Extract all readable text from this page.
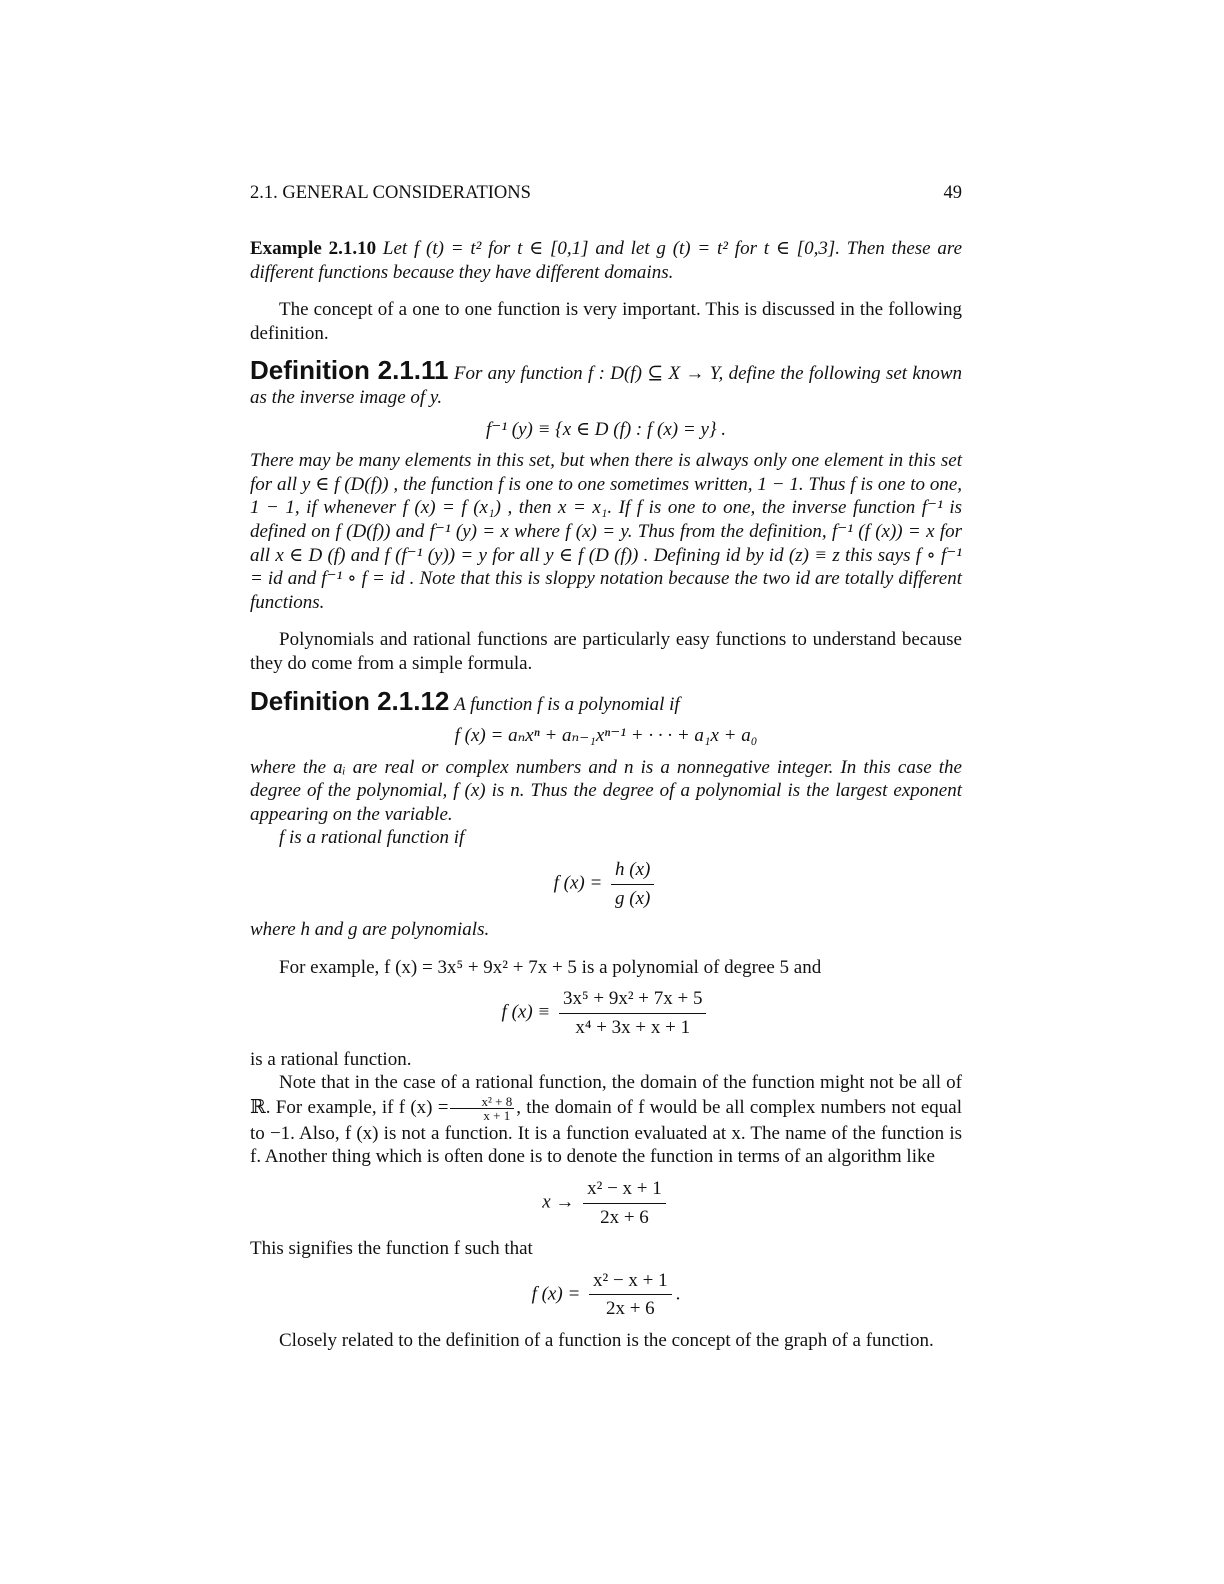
2.1. GENERAL CONSIDERATIONS	49

Example 2.1.10 Let f (t) = t² for t ∈ [0,1] and let g (t) = t² for t ∈ [0,3]. Then these are different functions because they have different domains.

The concept of a one to one function is very important. This is discussed in the following definition.

Definition 2.1.11 For any function f : D(f) ⊆ X → Y, define the following set known as the inverse image of y.

f⁻¹ (y) ≡ {x ∈ D (f) : f (x) = y} .

There may be many elements in this set, but when there is always only one element in this set for all y ∈ f (D(f)) , the function f is one to one sometimes written, 1 − 1. Thus f is one to one, 1 − 1, if whenever f (x) = f (x₁) , then x = x₁. If f is one to one, the inverse function f⁻¹ is defined on f (D(f)) and f⁻¹ (y) = x where f (x) = y. Thus from the definition, f⁻¹ (f (x)) = x for all x ∈ D (f) and f (f⁻¹ (y)) = y for all y ∈ f (D (f)) . Defining id by id (z) ≡ z this says f ∘ f⁻¹ = id and f⁻¹ ∘ f = id . Note that this is sloppy notation because the two id are totally different functions.

Polynomials and rational functions are particularly easy functions to understand because they do come from a simple formula.

Definition 2.1.12 A function f is a polynomial if

f (x) = aₙxⁿ + aₙ₋₁xⁿ⁻¹ + · · · + a₁x + a₀

where the aᵢ are real or complex numbers and n is a nonnegative integer. In this case the degree of the polynomial, f (x) is n. Thus the degree of a polynomial is the largest exponent appearing on the variable.

f is a rational function if

f $(x) = \frac{h (x)}{g (x)}$

where h and g are polynomials.

For example, f (x) = 3x⁵ + 9x² + 7x + 5 is a polynomial of degree 5 and

f $(x) \equiv \frac{\text{3x⁵ + 9x² + 7x + 5}}{\text{x⁴ + 3x + x + 1}}$

is a rational function.

Note that in the case of a rational function, the domain of the function might not be all of ℝ. For example, if f $(x) = \frac{\text{x² + 8}}{x + 1}$ , the domain of f would be all complex numbers not equal to −1. Also, f (x) is not a function. It is a function evaluated at x. The name of the function is f. Another thing which is often done is to denote the function in terms of an algorithm like

$x \to \frac{\text{x² − x + 1}}{2x + 6}$

This signifies the function f such that

f $(x) = \frac{\text{x² − x + 1}}{2x + 6}$ .

Closely related to the definition of a function is the concept of the graph of a function.
